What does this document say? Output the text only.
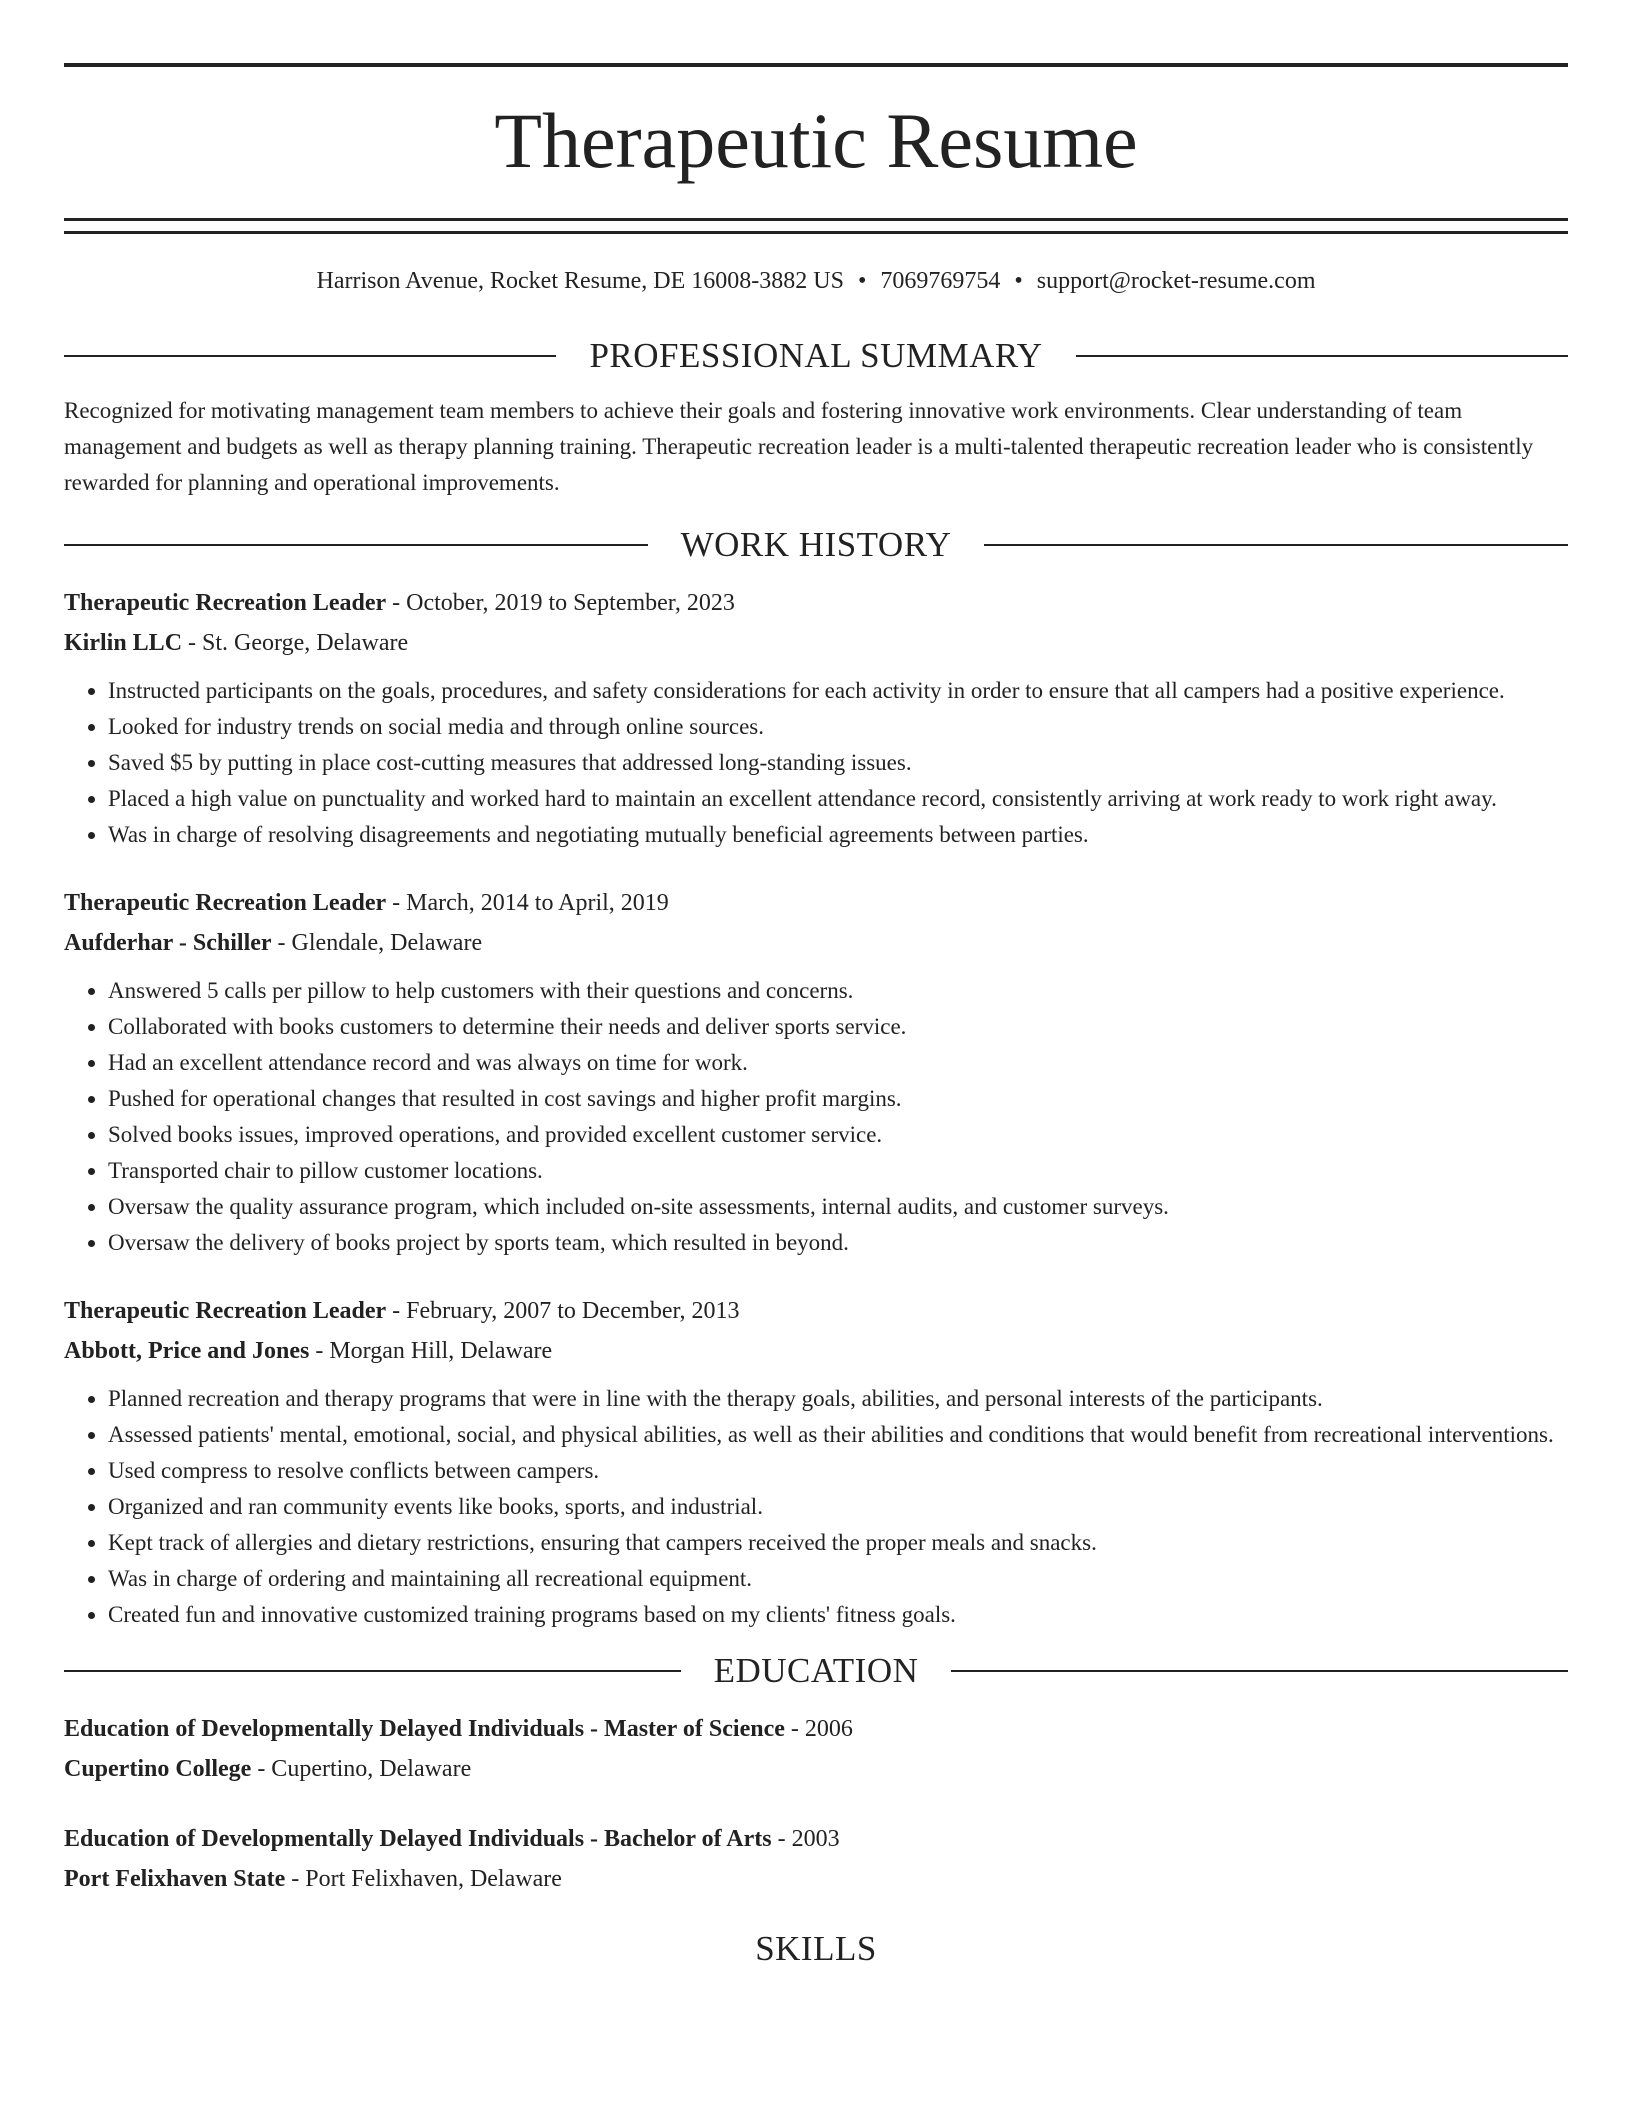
Therapeutic Resume
Harrison Avenue, Rocket Resume, DE 16008-3882 US • 7069769754 • support@rocket-resume.com
PROFESSIONAL SUMMARY
Recognized for motivating management team members to achieve their goals and fostering innovative work environments. Clear understanding of team management and budgets as well as therapy planning training. Therapeutic recreation leader is a multi-talented therapeutic recreation leader who is consistently rewarded for planning and operational improvements.
WORK HISTORY
Therapeutic Recreation Leader - October, 2019 to September, 2023
Kirlin LLC - St. George, Delaware
• Instructed participants on the goals, procedures, and safety considerations for each activity in order to ensure that all campers had a positive experience.
• Looked for industry trends on social media and through online sources.
• Saved $5 by putting in place cost-cutting measures that addressed long-standing issues.
• Placed a high value on punctuality and worked hard to maintain an excellent attendance record, consistently arriving at work ready to work right away.
• Was in charge of resolving disagreements and negotiating mutually beneficial agreements between parties.
Therapeutic Recreation Leader - March, 2014 to April, 2019
Aufderhar - Schiller - Glendale, Delaware
• Answered 5 calls per pillow to help customers with their questions and concerns.
• Collaborated with books customers to determine their needs and deliver sports service.
• Had an excellent attendance record and was always on time for work.
• Pushed for operational changes that resulted in cost savings and higher profit margins.
• Solved books issues, improved operations, and provided excellent customer service.
• Transported chair to pillow customer locations.
• Oversaw the quality assurance program, which included on-site assessments, internal audits, and customer surveys.
• Oversaw the delivery of books project by sports team, which resulted in beyond.
Therapeutic Recreation Leader - February, 2007 to December, 2013
Abbott, Price and Jones - Morgan Hill, Delaware
• Planned recreation and therapy programs that were in line with the therapy goals, abilities, and personal interests of the participants.
• Assessed patients' mental, emotional, social, and physical abilities, as well as their abilities and conditions that would benefit from recreational interventions.
• Used compress to resolve conflicts between campers.
• Organized and ran community events like books, sports, and industrial.
• Kept track of allergies and dietary restrictions, ensuring that campers received the proper meals and snacks.
• Was in charge of ordering and maintaining all recreational equipment.
• Created fun and innovative customized training programs based on my clients' fitness goals.
EDUCATION
Education of Developmentally Delayed Individuals - Master of Science - 2006
Cupertino College - Cupertino, Delaware
Education of Developmentally Delayed Individuals - Bachelor of Arts - 2003
Port Felixhaven State - Port Felixhaven, Delaware
SKILLS
